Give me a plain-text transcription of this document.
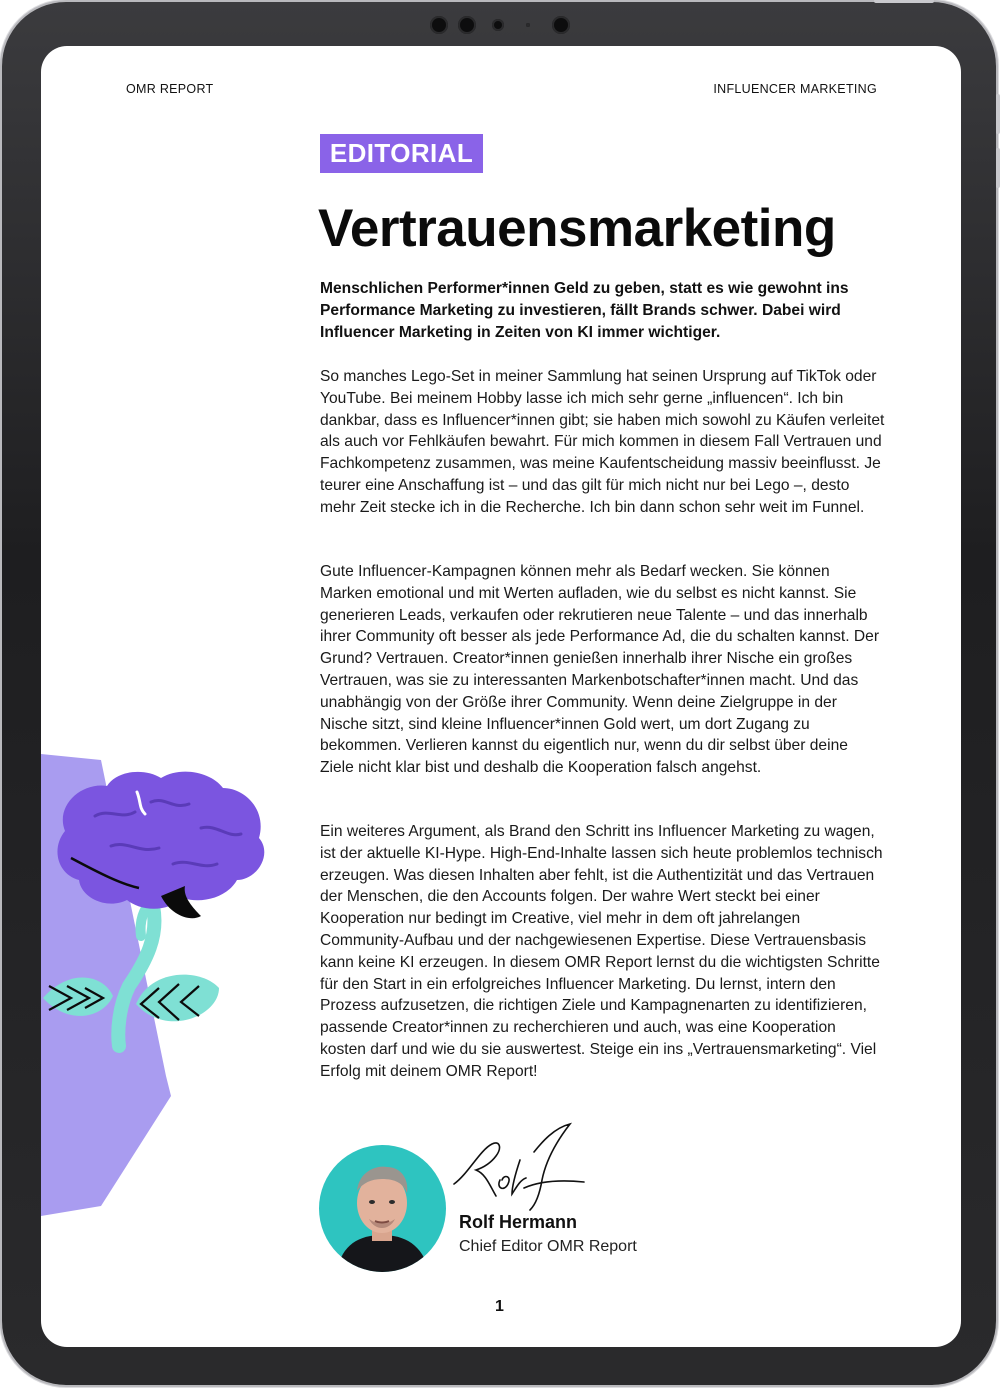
OMR REPORT	INFLUENCER MARKETING
EDITORIAL
Vertrauensmarketing

Menschlichen Performer*innen Geld zu geben, statt es wie gewohnt ins Performance Marketing zu investieren, fällt Brands schwer. Dabei wird Influencer Marketing in Zeiten von KI immer wichtiger.

So manches Lego-Set in meiner Sammlung hat seinen Ursprung auf TikTok oder YouTube. Bei meinem Hobby lasse ich mich sehr gerne „influencen“. Ich bin dankbar, dass es Influencer*innen gibt; sie haben mich sowohl zu Käufen verleitet als auch vor Fehlkäufen bewahrt. Für mich kommen in diesem Fall Vertrauen und Fachkompetenz zusammen, was meine Kaufentscheidung massiv beeinflusst. Je teurer eine Anschaffung ist – und das gilt für mich nicht nur bei Lego –, desto mehr Zeit stecke ich in die Recherche. Ich bin dann schon sehr weit im Funnel.

Gute Influencer-Kampagnen können mehr als Bedarf wecken. Sie können Marken emotional und mit Werten aufladen, wie du selbst es nicht kannst. Sie generieren Leads, verkaufen oder rekrutieren neue Talente – und das innerhalb ihrer Community oft besser als jede Performance Ad, die du schalten kannst. Der Grund? Vertrauen. Creator*innen genießen innerhalb ihrer Nische ein großes Vertrauen, was sie zu interessanten Markenbotschafter*innen macht. Und das unabhängig von der Größe ihrer Community. Wenn deine Zielgruppe in der Nische sitzt, sind kleine Influencer*innen Gold wert, um dort Zugang zu bekommen. Verlieren kannst du eigentlich nur, wenn du dir selbst über deine Ziele nicht klar bist und deshalb die Kooperation falsch angehst.

Ein weiteres Argument, als Brand den Schritt ins Influencer Marketing zu wagen, ist der aktuelle KI-Hype. High-End-Inhalte lassen sich heute problemlos technisch erzeugen. Was diesen Inhalten aber fehlt, ist die Authentizität und das Vertrauen der Menschen, die den Accounts folgen. Der wahre Wert steckt bei einer Kooperation nur bedingt im Creative, viel mehr in dem oft jahrelangen Community-Aufbau und der nachgewiesenen Expertise. Diese Vertrauensbasis kann keine KI erzeugen. In diesem OMR Report lernst du die wichtigsten Schritte für den Start in ein erfolgreiches Influencer Marketing. Du lernst, intern den Prozess aufzusetzen, die richtigen Ziele und Kampagnenarten zu identifizieren, passende Creator*innen zu recherchieren und auch, was eine Kooperation kosten darf und wie du sie auswertest. Steige ein ins „Vertrauensmarketing“. Viel Erfolg mit deinem OMR Report!

Rolf Hermann
Chief Editor OMR Report
1
